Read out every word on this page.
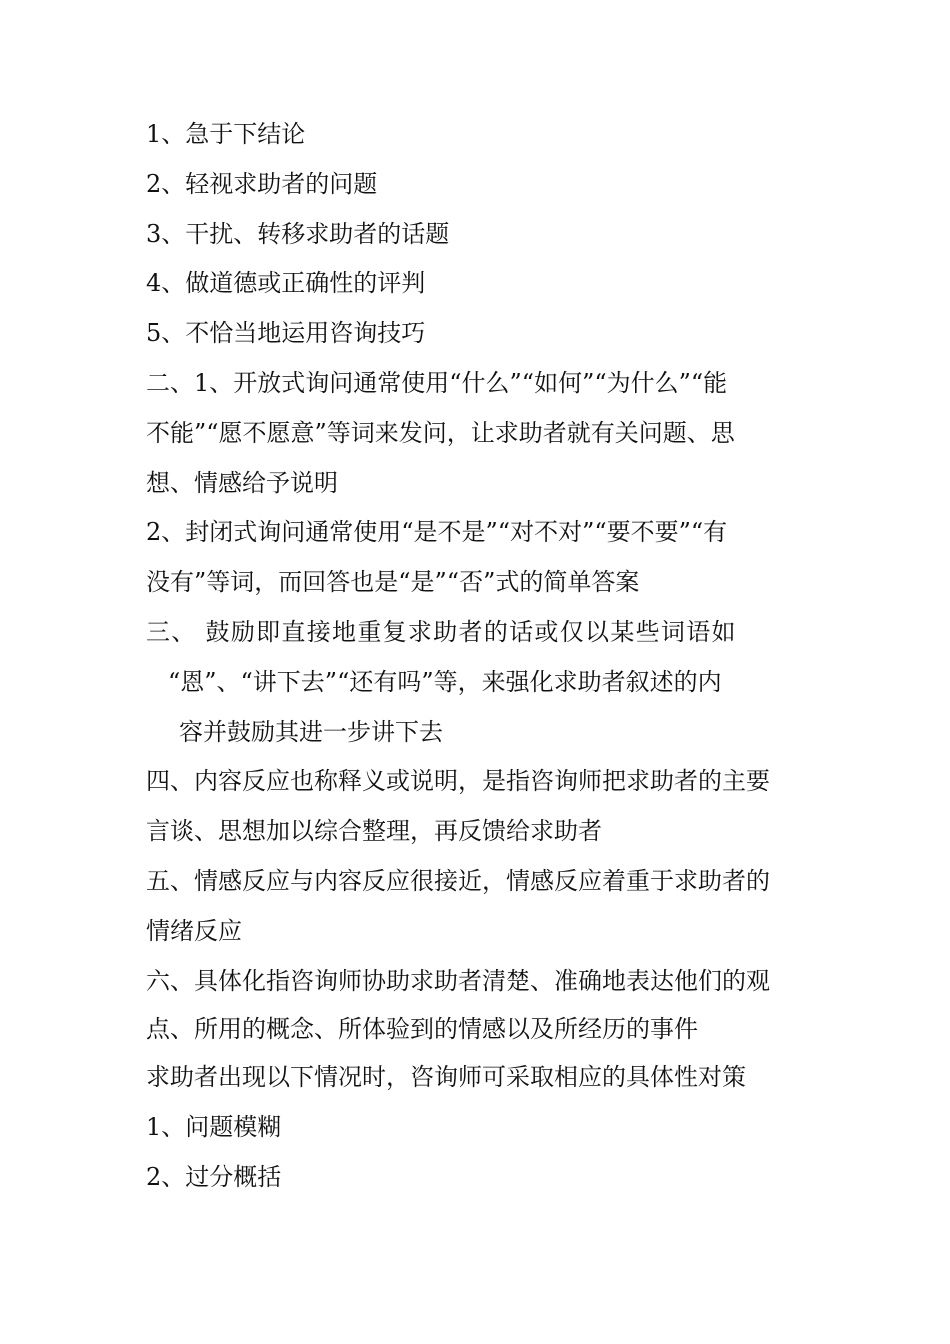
1、急于下结论
2、轻视求助者的问题
3、干扰、转移求助者的话题
4、做道德或正确性的评判
5、不恰当地运用咨询技巧
二、1、开放式询问通常使用“什么”“如何”“为什么”“能
不能”“愿不愿意”等词来发问，让求助者就有关问题、思
想、情感给予说明
2、封闭式询问通常使用“是不是”“对不对”“要不要”“有
没有”等词，而回答也是“是”“否”式的简单答案
三、 鼓励即直接地重复求助者的话或仅以某些词语如
“恩”、“讲下去”“还有吗”等，来强化求助者叙述的内
容并鼓励其进一步讲下去
四、内容反应也称释义或说明，是指咨询师把求助者的主要
言谈、思想加以综合整理，再反馈给求助者
五、情感反应与内容反应很接近，情感反应着重于求助者的
情绪反应
六、具体化指咨询师协助求助者清楚、准确地表达他们的观
点、所用的概念、所体验到的情感以及所经历的事件
求助者出现以下情况时，咨询师可采取相应的具体性对策
1、问题模糊
2、过分概括
